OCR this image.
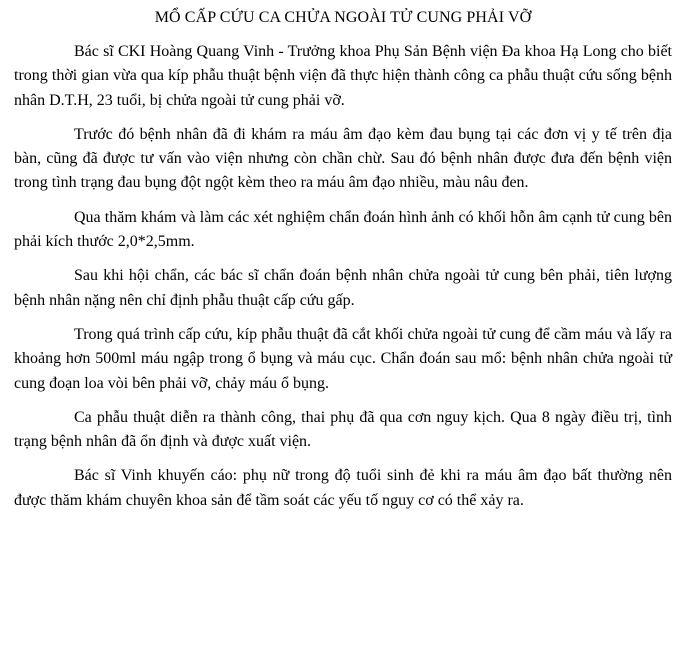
MỔ CẤP CỨU CA CHỬA NGOÀI TỬ CUNG PHẢI VỠ

Bác sĩ CKI Hoàng Quang Vinh - Trưởng khoa Phụ Sản Bệnh viện Đa khoa Hạ Long cho biết trong thời gian vừa qua kíp phẫu thuật bệnh viện đã thực hiện thành công ca phẫu thuật cứu sống bệnh nhân D.T.H, 23 tuổi, bị chửa ngoài tử cung phải vỡ.

Trước đó bệnh nhân đã đi khám ra máu âm đạo kèm đau bụng tại các đơn vị y tế trên địa bàn, cũng đã được tư vấn vào viện nhưng còn chần chừ. Sau đó bệnh nhân được đưa đến bệnh viện trong tình trạng đau bụng đột ngột kèm theo ra máu âm đạo nhiều, màu nâu đen.

Qua thăm khám và làm các xét nghiệm chẩn đoán hình ảnh có khối hỗn âm cạnh tử cung bên phải kích thước 2,0*2,5mm.

Sau khi hội chẩn, các bác sĩ chẩn đoán bệnh nhân chửa ngoài tử cung bên phải, tiên lượng bệnh nhân nặng nên chỉ định phẫu thuật cấp cứu gấp.

Trong quá trình cấp cứu, kíp phẫu thuật đã cắt khối chửa ngoài tử cung để cầm máu và lấy ra khoảng hơn 500ml máu ngập trong ổ bụng và máu cục. Chẩn đoán sau mổ: bệnh nhân chửa ngoài tử cung đoạn loa vòi bên phải vỡ, chảy máu ổ bụng.

Ca phẫu thuật diễn ra thành công, thai phụ đã qua cơn nguy kịch. Qua 8 ngày điều trị, tình trạng bệnh nhân đã ổn định và được xuất viện.

Bác sĩ Vinh khuyến cáo: phụ nữ trong độ tuổi sinh đẻ khi ra máu âm đạo bất thường nên được thăm khám chuyên khoa sản để tầm soát các yếu tố nguy cơ có thể xảy ra.
